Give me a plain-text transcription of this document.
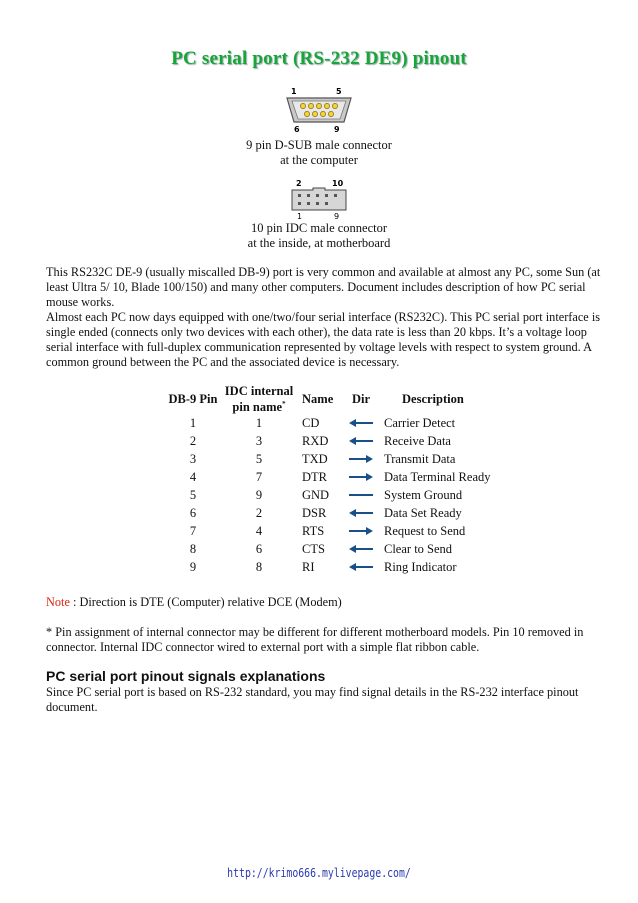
PC serial port (RS-232 DE9) pinout
1	5
6	9
9 pin D-SUB male connector
at the computer
2	10
1	9
10 pin IDC male connector
at the inside, at motherboard
This RS232C DE-9 (usually miscalled DB-9) port is very common and available at almost any PC, some Sun (at least Ultra 5/ 10, Blade 100/150) and many other computers. Document includes description of how PC serial mouse works.
Almost each PC now days equipped with one/two/four serial interface (RS232C). This PC serial port interface is single ended (connects only two devices with each other), the data rate is less than 20 kbps. It’s a voltage loop serial interface with full-duplex communication represented by voltage levels with respect to system ground. A common ground between the PC and the associated device is necessary.
DB-9 Pin	IDC internal
pin name*	Name	Dir	Description
1	1	CD		Carrier Detect
2	3	RXD		Receive Data
3	5	TXD		Transmit Data
4	7	DTR		Data Terminal Ready
5	9	GND		System Ground
6	2	DSR		Data Set Ready
7	4	RTS		Request to Send
8	6	CTS		Clear to Send
9	8	RI		Ring Indicator
Note : Direction is DTE (Computer) relative DCE (Modem)
* Pin assignment of internal connector may be different for different motherboard models. Pin 10 removed in connector. Internal IDC connector wired to external port with a simple flat ribbon cable.
PC serial port pinout signals explanations
Since PC serial port is based on RS-232 standard, you may find signal details in the RS-232 interface pinout document.
http://krimo666.mylivepage.com/
